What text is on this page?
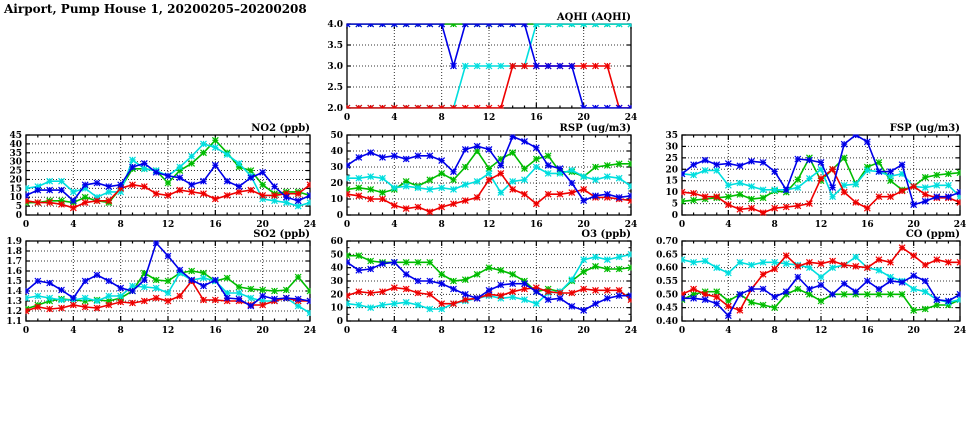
Airport, Pump House 1, 20200205–20200208
2.0
2.5
3.0
3.5
4.0
0	4	8	12	16	20	24
AQHI (AQHI)
0
5
10
15
20
25
30
35
40
45
0	4	8	12	16	20	24
NO2 (ppb)
0
10
20
30
40
50
0	4	8	12	16	20	24
RSP (ug/m3)
0
5
10
15
20
25
30
35
0	4	8	12	16	20	24
FSP (ug/m3)
1.1
1.2
1.3
1.4
1.5
1.6
1.7
1.8
1.9
0	4	8	12	16	20	24
SO2 (ppb)
0
10
20
30
40
50
60
0	4	8	12	16	20	24
O3 (ppb)
0.40
0.45
0.50
0.55
0.60
0.65
0.70
0	4	8	12	16	20	24
CO (ppm)
